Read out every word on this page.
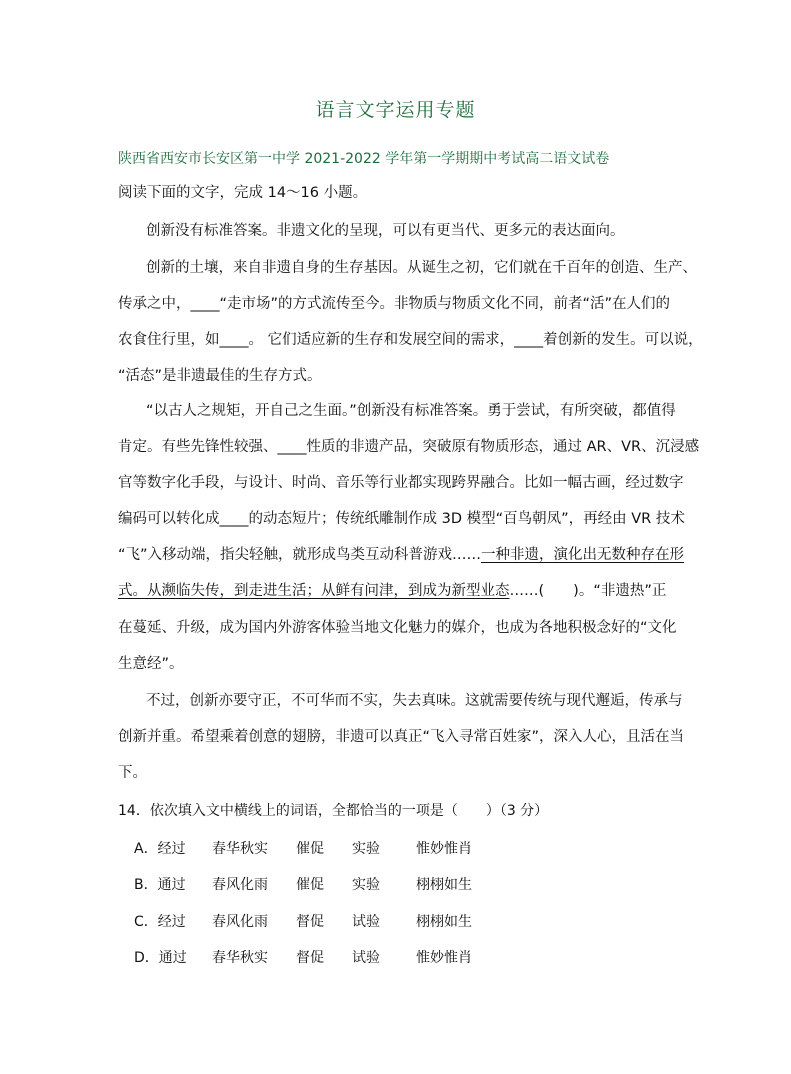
语言文字运用专题
陕西省西安市长安区第一中学 2021-2022 学年第一学期期中考试高二语文试卷
阅读下面的文字，完成 14～16 小题。
创新没有标准答案。非遗文化的呈现，可以有更当代、更多元的表达面向。
创新的土壤，来自非遗自身的生存基因。从诞生之初，它们就在千百年的创造、生产、
传承之中，____“走市场”的方式流传至今。非物质与物质文化不同，前者“活”在人们的
农食住行里，如____。 它们适应新的生存和发展空间的需求，____着创新的发生。可以说，
“活态”是非遗最佳的生存方式。
“以古人之规矩，开自己之生面。”创新没有标准答案。勇于尝试，有所突破，都值得
肯定。有些先锋性较强、____性质的非遗产品，突破原有物质形态，通过 AR、VR、沉浸感
官等数字化手段，与设计、时尚、音乐等行业都实现跨界融合。比如一幅古画，经过数字
编码可以转化成____的动态短片；传统纸雕制作成 3D 模型“百鸟朝凤”，再经由 VR 技术
“飞”入移动端，指尖轻触，就形成鸟类互动科普游戏……一种非遗，演化出无数种存在形
式。从濒临失传，到走进生活；从鲜有问津，到成为新型业态……(　　)。“非遗热”正
在蔓延、升级，成为国内外游客体验当地文化魅力的媒介，也成为各地积极念好的“文化
生意经”。
不过，创新亦要守正，不可华而不实，失去真味。这就需要传统与现代邂逅，传承与
创新并重。希望乘着创意的翅膀，非遗可以真正“飞入寻常百姓家”，深入人心，且活在当
下。
14．依次填入文中横线上的词语，全都恰当的一项是（　　）（3 分）
A．经过 春华秋实 催促 实验	惟妙惟肖
B．通过 春风化雨 催促 实验	栩栩如生
C．经过 春风化雨 督促 试验	栩栩如生
D．通过 春华秋实 督促 试验	惟妙惟肖
